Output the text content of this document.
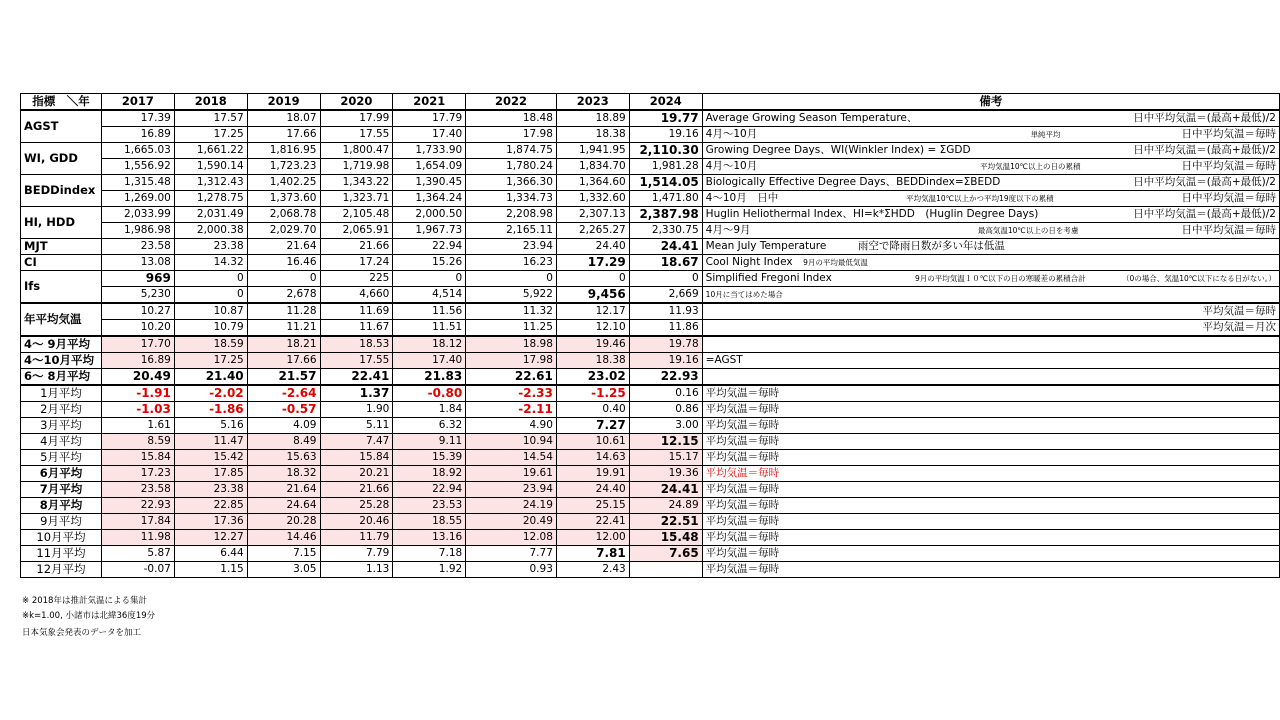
指標　＼年	2017	2018	2019	2020	2021	2022	2023	2024	備考
AGST	17.39	17.57	18.07	17.99	17.79	18.48	18.89	19.77	Average Growing Season Temperature、 日中平均気温＝(最高+最低)/2

	16.89	17.25	17.66	17.55	17.40	17.98	18.38	19.16	4月～10月
　　　 単純平均 日中平均気温＝毎時

WI, GDD	1,665.03	1,661.22	1,816.95	1,800.47	1,733.90	1,874.75	1,941.95	2,110.30	Growing Degree Days、WI(Winkler Index) = ΣGDD 日中平均気温＝(最高+最低)/2

	1,556.92	1,590.14	1,723.23	1,719.98	1,654.09	1,780.24	1,834.70	1,981.28	4月～10月
　　 平均気温10℃以上の日の累積 日中平均気温＝毎時

BEDDindex	1,315.48	1,312.43	1,402.25	1,343.22	1,390.45	1,366.30	1,364.60	1,514.05	Biologically Effective Degree Days、BEDDindex=ΣBEDD 日中平均気温＝(最高+最低)/2

	1,269.00	1,278.75	1,373.60	1,323.71	1,364.24	1,334.73	1,332.60	1,471.80	4～10月　日中 平均気温10℃以上かつ平均19度以下の累積 日中平均気温＝毎時

HI, HDD	2,033.99	2,031.49	2,068.78	2,105.48	2,000.50	2,208.98	2,307.13	2,387.98	Huglin Heliothermal Index、HI=k*ΣHDD　(Huglin Degree Days) 日中平均気温＝(最高+最低)/2

	1,986.98	2,000.38	2,029.70	2,065.91	1,967.73	2,165.11	2,265.27	2,330.75	4月～9月
　　 最高気温10℃以上の日を考慮 日中平均気温＝毎時

MJT	23.58	23.38	21.64	21.66	22.94	23.94	24.40	24.41	Mean July Temperature　　　 雨空で降雨日数が多い年は低温
CI	13.08	14.32	16.46	17.24	15.26	16.23	17.29	18.67	Cool Night Index　 9月の平均最低気温
Ifs	969	0	0	225	0	0	0	0	Simplified Fregoni Index
　 9月の平均気温１０℃以下の日の寒暖差の累積合計 （0の場合、気温10℃以下になる日がない。）

	5,230	0	2,678	4,660	4,514	5,922	9,456	2,669	10月に当てはめた場合
年平均気温	10.27	10.87	11.28	11.69	11.56	11.32	12.17	11.93	平均気温＝毎時
	10.20	10.79	11.21	11.67	11.51	11.25	12.10	11.86	平均気温＝月次
4～ 9月平均	17.70	18.59	18.21	18.53	18.12	18.98	19.46	19.78	
4～10月平均	16.89	17.25	17.66	17.55	17.40	17.98	18.38	19.16	=AGST
6～ 8月平均	20.49	21.40	21.57	22.41	21.83	22.61	23.02	22.93	
1月平均	-1.91	-2.02	-2.64	1.37	-0.80	-2.33	-1.25	0.16	平均気温＝毎時
2月平均	-1.03	-1.86	-0.57	1.90	1.84	-2.11	0.40	0.86	平均気温＝毎時
3月平均	1.61	5.16	4.09	5.11	6.32	4.90	7.27	3.00	平均気温＝毎時
4月平均	8.59	11.47	8.49	7.47	9.11	10.94	10.61	12.15	平均気温＝毎時
5月平均	15.84	15.42	15.63	15.84	15.39	14.54	14.63	15.17	平均気温＝毎時
6月平均	17.23	17.85	18.32	20.21	18.92	19.61	19.91	19.36	平均気温＝毎時
7月平均	23.58	23.38	21.64	21.66	22.94	23.94	24.40	24.41	平均気温＝毎時
8月平均	22.93	22.85	24.64	25.28	23.53	24.19	25.15	24.89	平均気温＝毎時
9月平均	17.84	17.36	20.28	20.46	18.55	20.49	22.41	22.51	平均気温＝毎時
10月平均	11.98	12.27	14.46	11.79	13.16	12.08	12.00	15.48	平均気温＝毎時
11月平均	5.87	6.44	7.15	7.79	7.18	7.77	7.81	7.65	平均気温＝毎時
12月平均	-0.07	1.15	3.05	1.13	1.92	0.93	2.43		平均気温＝毎時
※ 2018年は推計気温による集計
※k=1.00, 小諸市は北緯36度19分
日本気象会発表のデータを加工
